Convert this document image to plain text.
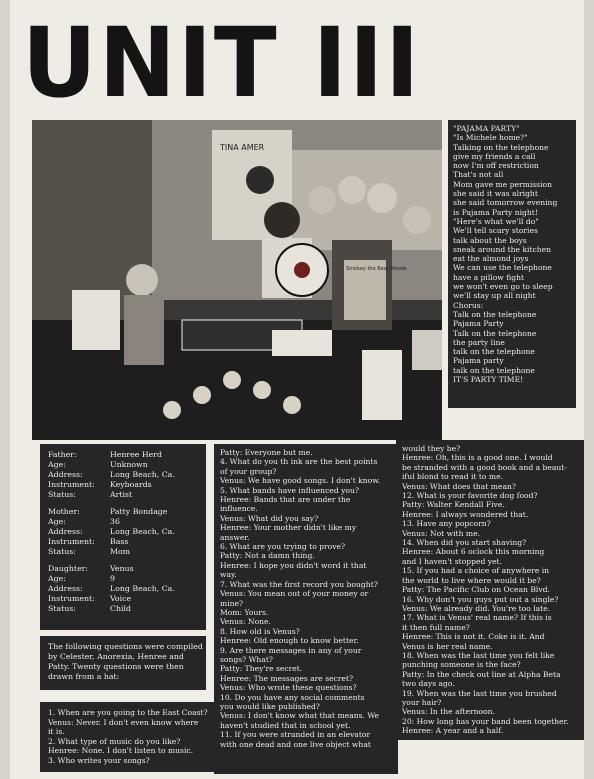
UNIT III
TINA AMER
Smokey the Bear Moods
"PAJAMA PARTY"
"Is Michele home?"
Talking on the telephone
give my friends a call
now I'm off restriction
That's not all
Mom gave me permission
she said it was alright
she said tomorrow evening
is Pajama Party night!
"Here's what we'll do"
We'll tell scary stories
talk about the boys
sneak around the kitchen
eat the almond joys
We can use the telephone
have a pillow fight
we won't even go to sleep
we'll stay up all night
Chorus:
Talk on the telephone
Pajama Party
Talk on the telephone
the party line
talk on the telephone
Pajama party
talk on the telephone
IT'S PARTY TIME!
Father:	Henree Herd
Age:	Unknown
Address:	Long Beach, Ca.
Instrument:	Keyboards
Status:	Artist
Mother:	Patty Bondage
Age:	36
Address:	Long Beach, Ca.
Instrument:	Bass
Status:	Mom
Daughter:	Venus
Age:	9
Address:	Long Beach, Ca.
Instrument:	Voice
Status:	Child
The following questions were compiled
by Celester, Anorexia, Henree and
Patty. Twenty questions were then
drawn from a hat:
1. When are you going to the East Coast?
Venus: Never. I don't even know where
it is.
2. What type of music do you like?
Henree: None. I don't listen to music.
3. Who writes your songs?
Patty: Everyone but me.
4. What do you th ink are the best points
of your group?
Venus: We have good songs. I don't know.
5. What bands have influenced you?
Henree: Bands that are under the
influence.
Venus: What did you say?
Henree: Your mother didn't like my
answer.
6. What are you trying to prove?
Patty: Not a damn thing.
Henree: I hope you didn't word it that
way.
7. What was the first record you bought?
Venus: You mean out of your money or
mine?
Mom: Yours.
Venus: None.
8. How old is Venus?
Henree: Old enough to know better.
9. Are there messages in any of your
songs? What?
Patty: They're secret.
Henree: The messages are secret?
Venus: Who wrote these questions?
10. Do you have any social comments
you would like published?
Venus: I don't know what that means. We
haven't studied that in school yet.
11. If you were stranded in an elevator
with one dead and one live object what
would they be?
Henree: Oh, this is a good one. I would
be stranded with a good book and a beaut-
iful blond to read it to me.
Venus: What does that mean?
12. What is your favorite dog food?
Patty: Walter Kendall Five.
Henree: I always wondered that.
13. Have any popcorn?
Venus: Not with me.
14. When did you start shaving?
Henree: About 6 oclock this morning
and I haven't stopped yet.
15. If you had a choice of anywhere in
the world to live where would it be?
Patty: The Pacific Club on Ocean Blvd.
16. Why don't you guys put out a single?
Venus: We already did. You're too late.
17. What is Venus' real name? If this is
it then full name?
Henree: This is not it. Coke is it. And
Venus is her real name.
18. When was the last time you felt like
punching someone is the face?
Patty: In the check out line at Alpha Beta
two days ago.
19. When was the last time you brushed
your hair?
Venus: In the afternoon.
20: How long has your band been together.
Henree: A year and a half.
